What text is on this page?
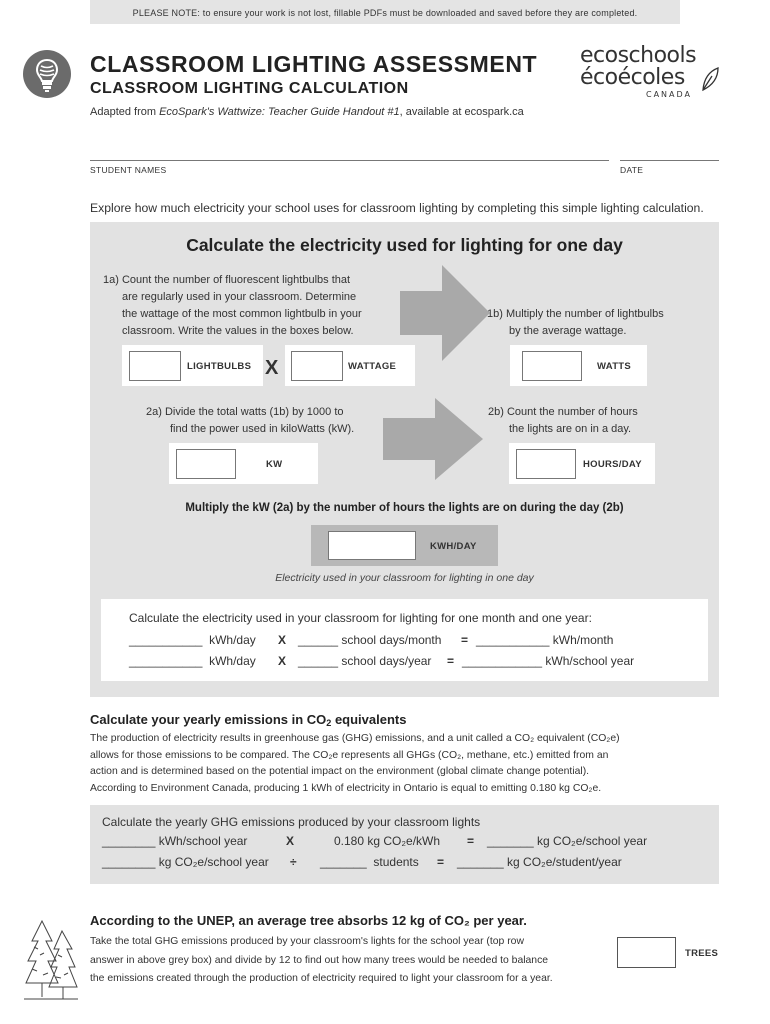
PLEASE NOTE: to ensure your work is not lost, fillable PDFs must be downloaded and saved before they are completed.
CLASSROOM LIGHTING ASSESSMENT
CLASSROOM LIGHTING CALCULATION
Adapted from EcoSpark's Wattwize: Teacher Guide Handout #1, available at ecospark.ca
ecoschools
écoécoles
CANADA
STUDENT NAMES	DATE
Explore how much electricity your school uses for classroom lighting by completing this simple lighting calculation.
Calculate the electricity used for lighting for one day
1a) Count the number of fluorescent lightbulbs that
are regularly used in your classroom. Determine
the wattage of the most common lightbulb in your
classroom. Write the values in the boxes below.
1b) Multiply the number of lightbulbs
by the average wattage.
LIGHTBULBS X	WATTAGE	WATTS
2a) Divide the total watts (1b) by 1000 to
find the power used in kiloWatts (kW).
2b) Count the number of hours
the lights are on in a day.
KW	HOURS/DAY
Multiply the kW (2a) by the number of hours the lights are on during the day (2b)
KWH/DAY
Electricity used in your classroom for lighting in one day
Calculate the electricity used in your classroom for lighting for one month and one year:
___________  kWh/day X ______ school days/month = ___________ kWh/month
___________  kWh/day X ______ school days/year = ____________ kWh/school year
Calculate your yearly emissions in $CO_2$ equivalents
The production of electricity results in greenhouse gas (GHG) emissions, and a unit called a CO₂ equivalent (CO₂e)
allows for those emissions to be compared. The CO₂e represents all GHGs (CO₂, methane, etc.) emitted from an
action and is determined based on the potential impact on the environment (global climate change potential).
According to Environment Canada, producing 1 kWh of electricity in Ontario is equal to emitting 0.180 kg CO₂e.
Calculate the yearly GHG emissions produced by your classroom lights
________ kWh/school year	X	0.180 kg CO₂e/kWh = _______ kg CO₂e/school year
________ kg CO₂e/school year ÷ _______  students = _______ kg CO₂e/student/year
According to the UNEP, an average tree absorbs 12 kg of CO₂ per year.
Take the total GHG emissions produced by your classroom's lights for the school year (top row
answer in above grey box) and divide by 12 to find out how many trees would be needed to balance
the emissions created through the production of electricity required to light your classroom for a year.
TREES
